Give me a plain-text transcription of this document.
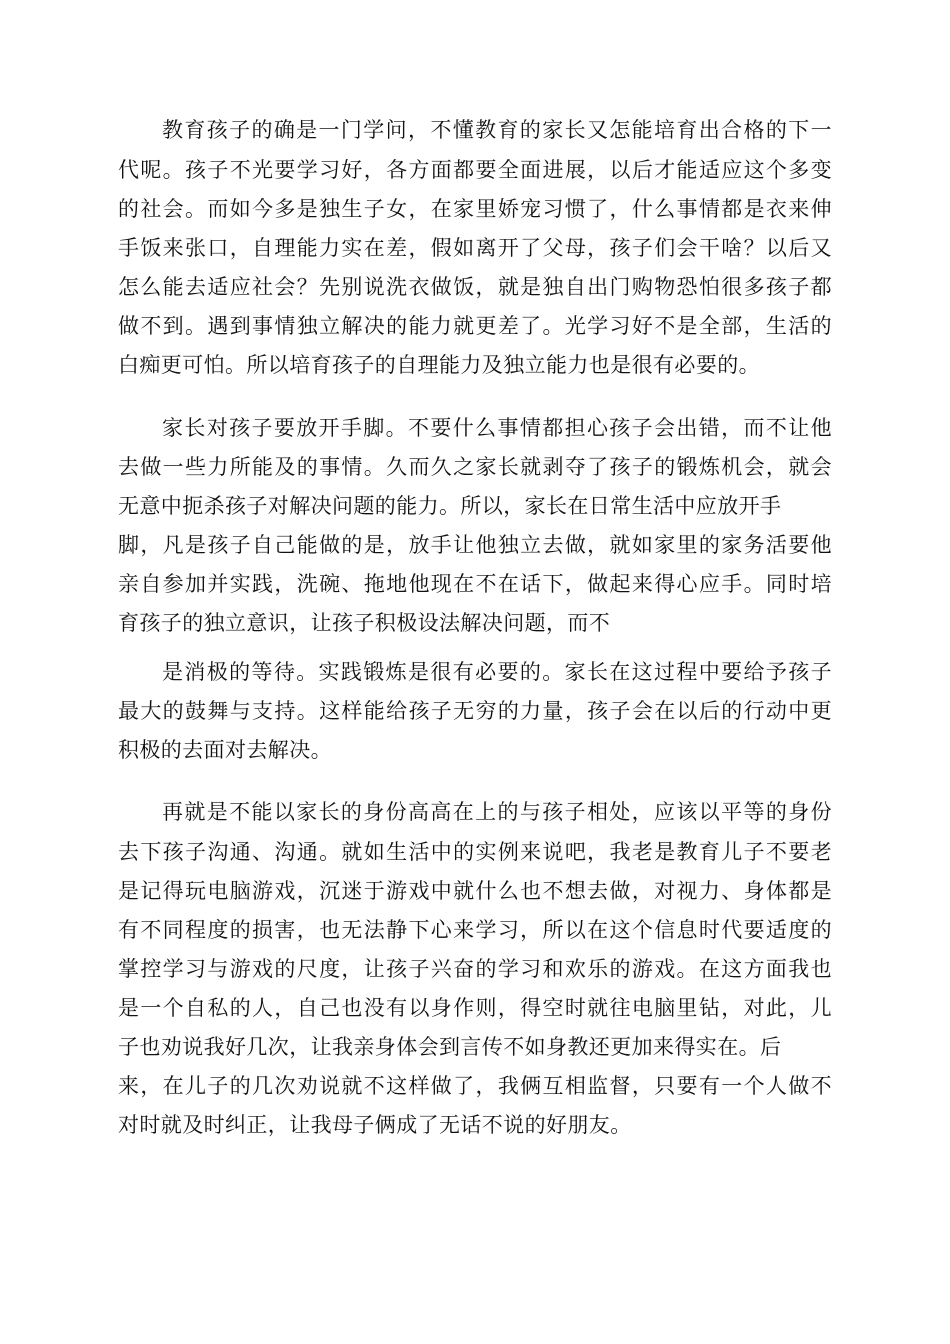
教育孩子的确是一门学问，不懂教育的家长又怎能培育出合格的下一
代呢。孩子不光要学习好，各方面都要全面进展，以后才能适应这个多变
的社会。而如今多是独生子女，在家里娇宠习惯了，什么事情都是衣来伸
手饭来张口，自理能力实在差，假如离开了父母，孩子们会干啥？以后又
怎么能去适应社会？先别说洗衣做饭，就是独自出门购物恐怕很多孩子都
做不到。遇到事情独立解决的能力就更差了。光学习好不是全部，生活的
白痴更可怕。所以培育孩子的自理能力及独立能力也是很有必要的。
家长对孩子要放开手脚。不要什么事情都担心孩子会出错，而不让他
去做一些力所能及的事情。久而久之家长就剥夺了孩子的锻炼机会，就会
无意中扼杀孩子对解决问题的能力。所以，家长在日常生活中应放开手
脚，凡是孩子自己能做的是，放手让他独立去做，就如家里的家务活要他
亲自参加并实践，洗碗、拖地他现在不在话下，做起来得心应手。同时培
育孩子的独立意识，让孩子积极设法解决问题，而不
是消极的等待。实践锻炼是很有必要的。家长在这过程中要给予孩子
最大的鼓舞与支持。这样能给孩子无穷的力量，孩子会在以后的行动中更
积极的去面对去解决。
再就是不能以家长的身份高高在上的与孩子相处，应该以平等的身份
去下孩子沟通、沟通。就如生活中的实例来说吧，我老是教育儿子不要老
是记得玩电脑游戏，沉迷于游戏中就什么也不想去做，对视力、身体都是
有不同程度的损害，也无法静下心来学习，所以在这个信息时代要适度的
掌控学习与游戏的尺度，让孩子兴奋的学习和欢乐的游戏。在这方面我也
是一个自私的人，自己也没有以身作则，得空时就往电脑里钻，对此，儿
子也劝说我好几次，让我亲身体会到言传不如身教还更加来得实在。后
来，在儿子的几次劝说就不这样做了，我俩互相监督，只要有一个人做不
对时就及时纠正，让我母子俩成了无话不说的好朋友。
